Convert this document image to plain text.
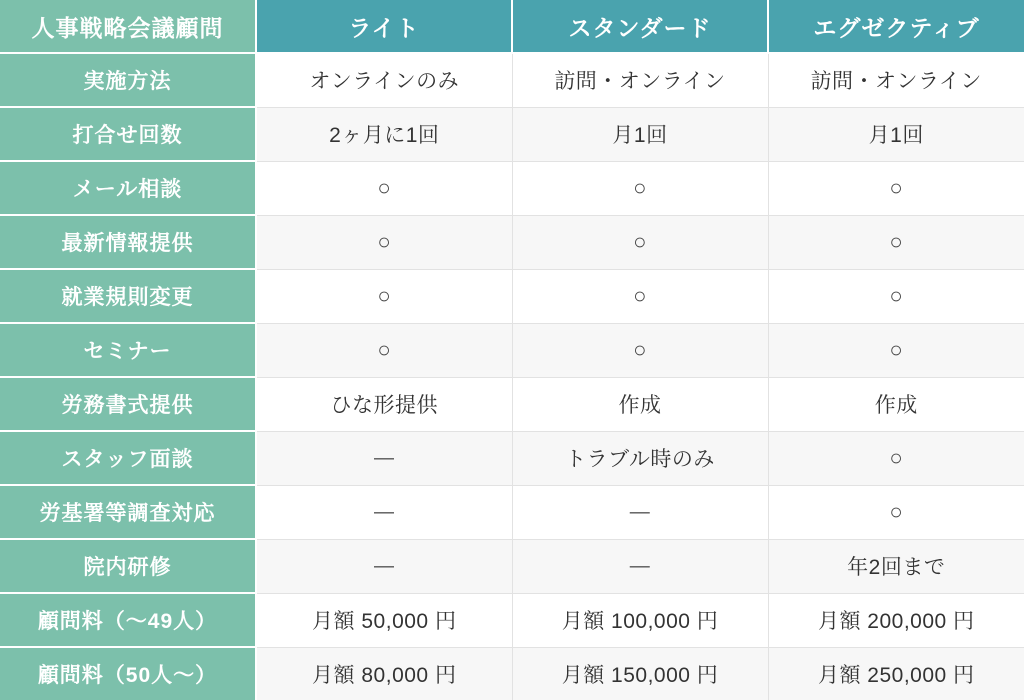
人事戦略会議顧問	ライト	スタンダード	エグゼクティブ
実施方法	オンラインのみ	訪問・オンライン	訪問・オンライン
打合せ回数	2ヶ月に1回	月1回	月1回
メール相談	○	○	○
最新情報提供	○	○	○
就業規則変更	○	○	○
セミナー	○	○	○
労務書式提供	ひな形提供	作成	作成
スタッフ面談	―	トラブル時のみ	○
労基署等調査対応	―	―	○
院内研修	―	―	年2回まで
顧問料（〜49人）	月額 50,000 円	月額 100,000 円	月額 200,000 円
顧問料（50人〜）	月額 80,000 円	月額 150,000 円	月額 250,000 円
